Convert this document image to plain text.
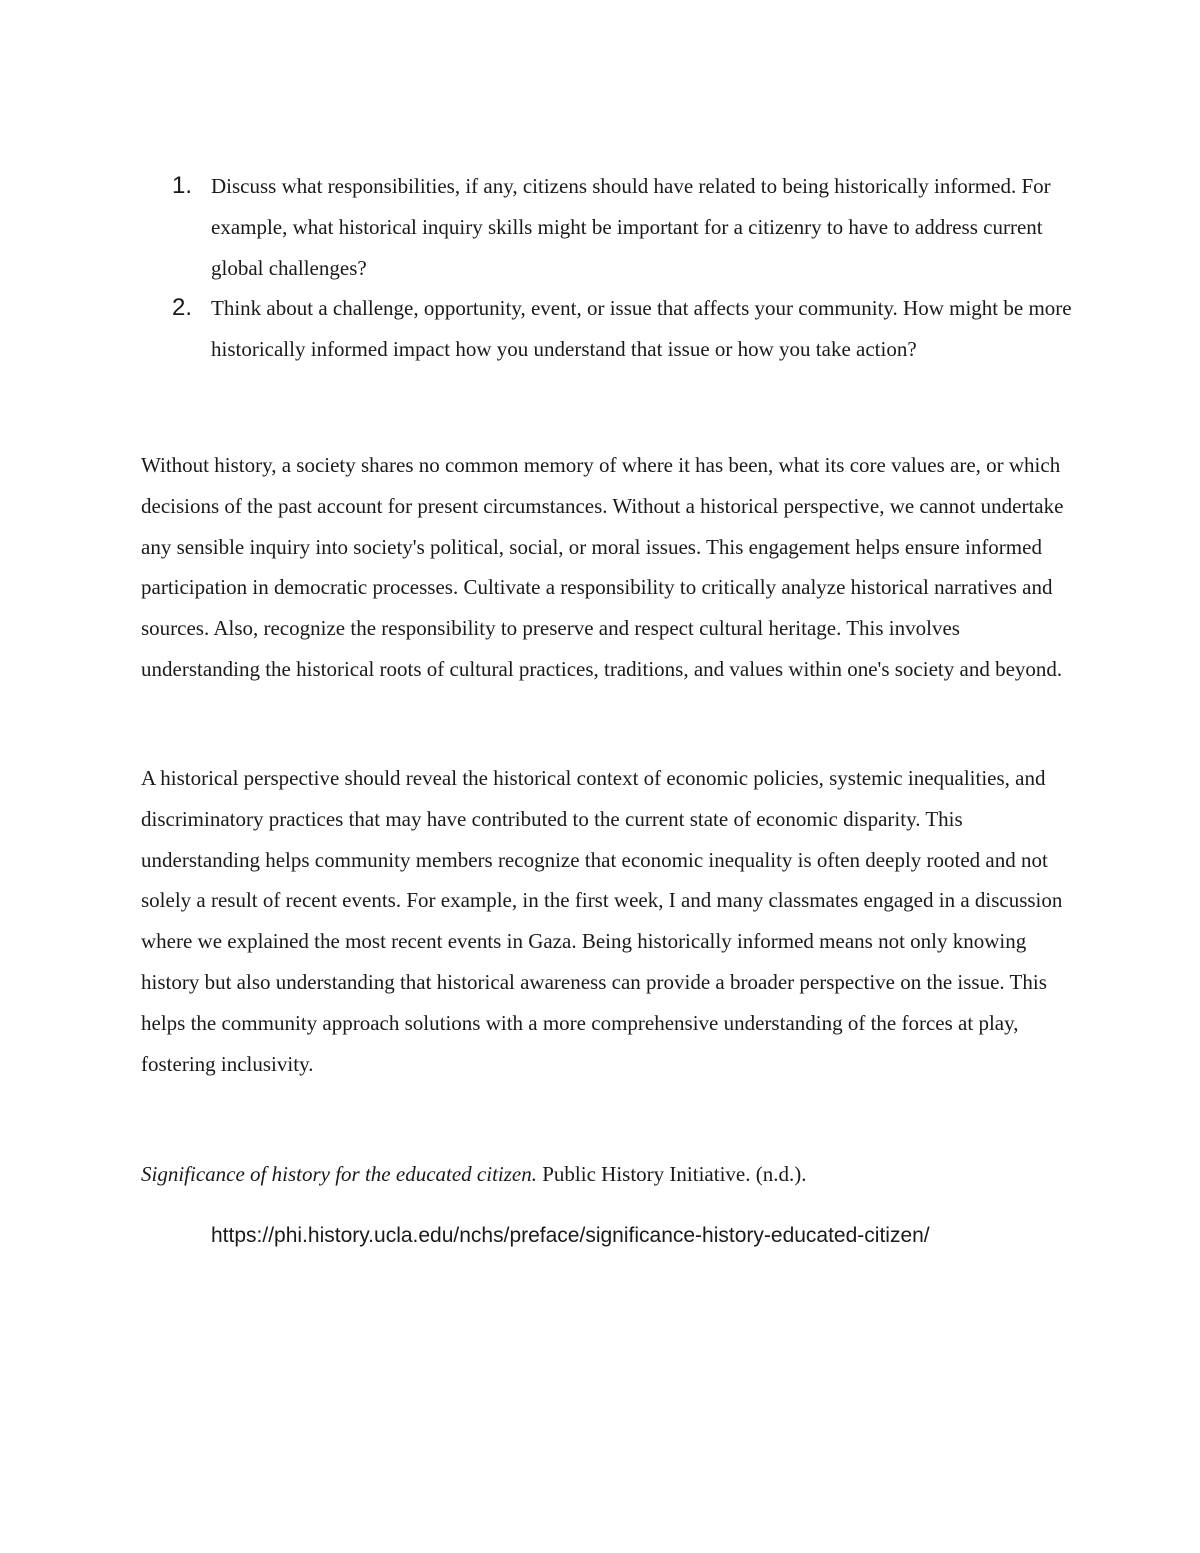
1. Discuss what responsibilities, if any, citizens should have related to being historically informed. For example, what historical inquiry skills might be important for a citizenry to have to address current global challenges?
2. Think about a challenge, opportunity, event, or issue that affects your community. How might be more historically informed impact how you understand that issue or how you take action?

Without history, a society shares no common memory of where it has been, what its core values are, or which decisions of the past account for present circumstances. Without a historical perspective, we cannot undertake any sensible inquiry into society's political, social, or moral issues. This engagement helps ensure informed participation in democratic processes. Cultivate a responsibility to critically analyze historical narratives and sources. Also, recognize the responsibility to preserve and respect cultural heritage. This involves understanding the historical roots of cultural practices, traditions, and values within one's society and beyond.

A historical perspective should reveal the historical context of economic policies, systemic inequalities, and discriminatory practices that may have contributed to the current state of economic disparity. This understanding helps community members recognize that economic inequality is often deeply rooted and not solely a result of recent events. For example, in the first week, I and many classmates engaged in a discussion where we explained the most recent events in Gaza. Being historically informed means not only knowing history but also understanding that historical awareness can provide a broader perspective on the issue. This helps the community approach solutions with a more comprehensive understanding of the forces at play, fostering inclusivity.

Significance of history for the educated citizen. Public History Initiative. (n.d.).

https://phi.history.ucla.edu/nchs/preface/significance-history-educated-citizen/
